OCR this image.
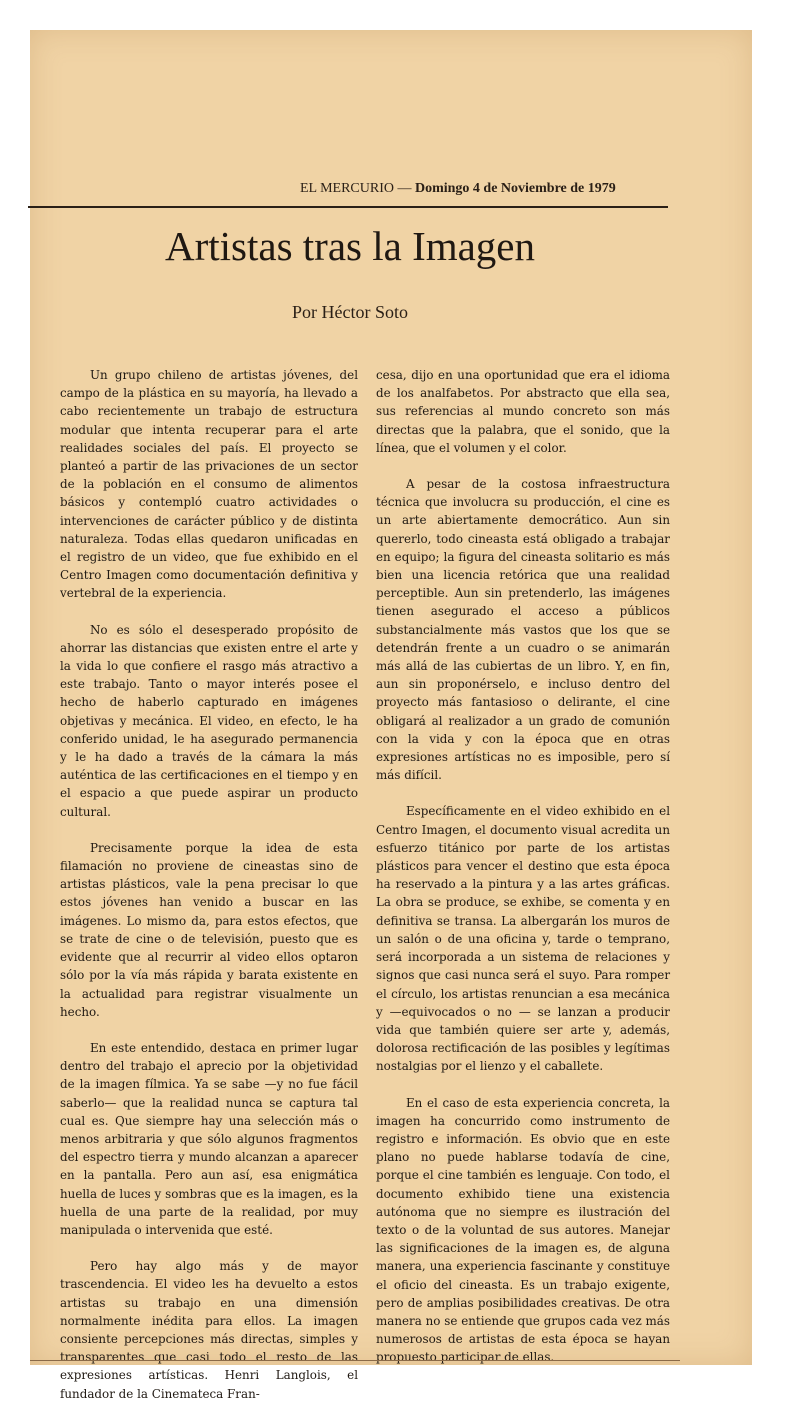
EL MERCURIO — Domingo 4 de Noviembre de 1979
Artistas tras la Imagen
Por Héctor Soto

Un grupo chileno de artistas jóvenes, del campo de la plástica en su mayoría, ha llevado a cabo recientemente un trabajo de estructura modular que intenta recuperar para el arte realidades sociales del país. El proyecto se planteó a partir de las privaciones de un sector de la población en el consumo de alimentos básicos y contempló cuatro actividades o intervenciones de carácter público y de distinta naturaleza. Todas ellas quedaron unificadas en el registro de un video, que fue exhibido en el Centro Imagen como documentación definitiva y vertebral de la experiencia.

No es sólo el desesperado propósito de ahorrar las distancias que existen entre el arte y la vida lo que confiere el rasgo más atractivo a este trabajo. Tanto o mayor interés posee el hecho de haberlo capturado en imágenes objetivas y mecánica. El video, en efecto, le ha conferido unidad, le ha asegurado permanencia y le ha dado a través de la cámara la más auténtica de las certificaciones en el tiempo y en el espacio a que puede aspirar un producto cultural.

Precisamente porque la idea de esta filamación no proviene de cineastas sino de artistas plásticos, vale la pena precisar lo que estos jóvenes han venido a buscar en las imágenes. Lo mismo da, para estos efectos, que se trate de cine o de televisión, puesto que es evidente que al recurrir al video ellos optaron sólo por la vía más rápida y barata existente en la actualidad para registrar visualmente un hecho.

En este entendido, destaca en primer lugar dentro del trabajo el aprecio por la objetividad de la imagen fílmica. Ya se sabe —y no fue fácil saberlo— que la realidad nunca se captura tal cual es. Que siempre hay una selección más o menos arbitraria y que sólo algunos fragmentos del espectro tierra y mundo alcanzan a aparecer en la pantalla. Pero aun así, esa enigmática huella de luces y sombras que es la imagen, es la huella de una parte de la realidad, por muy manipulada o intervenida que esté.

Pero hay algo más y de mayor trascendencia. El video les ha devuelto a estos artistas su trabajo en una dimensión normalmente inédita para ellos. La imagen consiente percepciones más directas, simples y transparentes que casi todo el resto de las expresiones artísticas. Henri Langlois, el fundador de la Cinemateca Fran-

cesa, dijo en una oportunidad que era el idioma de los analfabetos. Por abstracto que ella sea, sus referencias al mundo concreto son más directas que la palabra, que el sonido, que la línea, que el volumen y el color.

A pesar de la costosa infraestructura técnica que involucra su producción, el cine es un arte abiertamente democrático. Aun sin quererlo, todo cineasta está obligado a trabajar en equipo; la figura del cineasta solitario es más bien una licencia retórica que una realidad perceptible. Aun sin pretenderlo, las imágenes tienen asegurado el acceso a públicos substancialmente más vastos que los que se detendrán frente a un cuadro o se animarán más allá de las cubiertas de un libro. Y, en fin, aun sin proponérselo, e incluso dentro del proyecto más fantasioso o delirante, el cine obligará al realizador a un grado de comunión con la vida y con la época que en otras expresiones artísticas no es imposible, pero sí más difícil.

Específicamente en el video exhibido en el Centro Imagen, el documento visual acredita un esfuerzo titánico por parte de los artistas plásticos para vencer el destino que esta época ha reservado a la pintura y a las artes gráficas. La obra se produce, se exhibe, se comenta y en definitiva se transa. La albergarán los muros de un salón o de una oficina y, tarde o temprano, será incorporada a un sistema de relaciones y signos que casi nunca será el suyo. Para romper el círculo, los artistas renuncian a esa mecánica y —equivocados o no — se lanzan a producir vida que también quiere ser arte y, además, dolorosa rectificación de las posibles y legítimas nostalgias por el lienzo y el caballete.

En el caso de esta experiencia concreta, la imagen ha concurrido como instrumento de registro e información. Es obvio que en este plano no puede hablarse todavía de cine, porque el cine también es lenguaje. Con todo, el documento exhibido tiene una existencia autónoma que no siempre es ilustración del texto o de la voluntad de sus autores. Manejar las significaciones de la imagen es, de alguna manera, una experiencia fascinante y constituye el oficio del cineasta. Es un trabajo exigente, pero de amplias posibilidades creativas. De otra manera no se entiende que grupos cada vez más numerosos de artistas de esta época se hayan propuesto participar de ellas.
